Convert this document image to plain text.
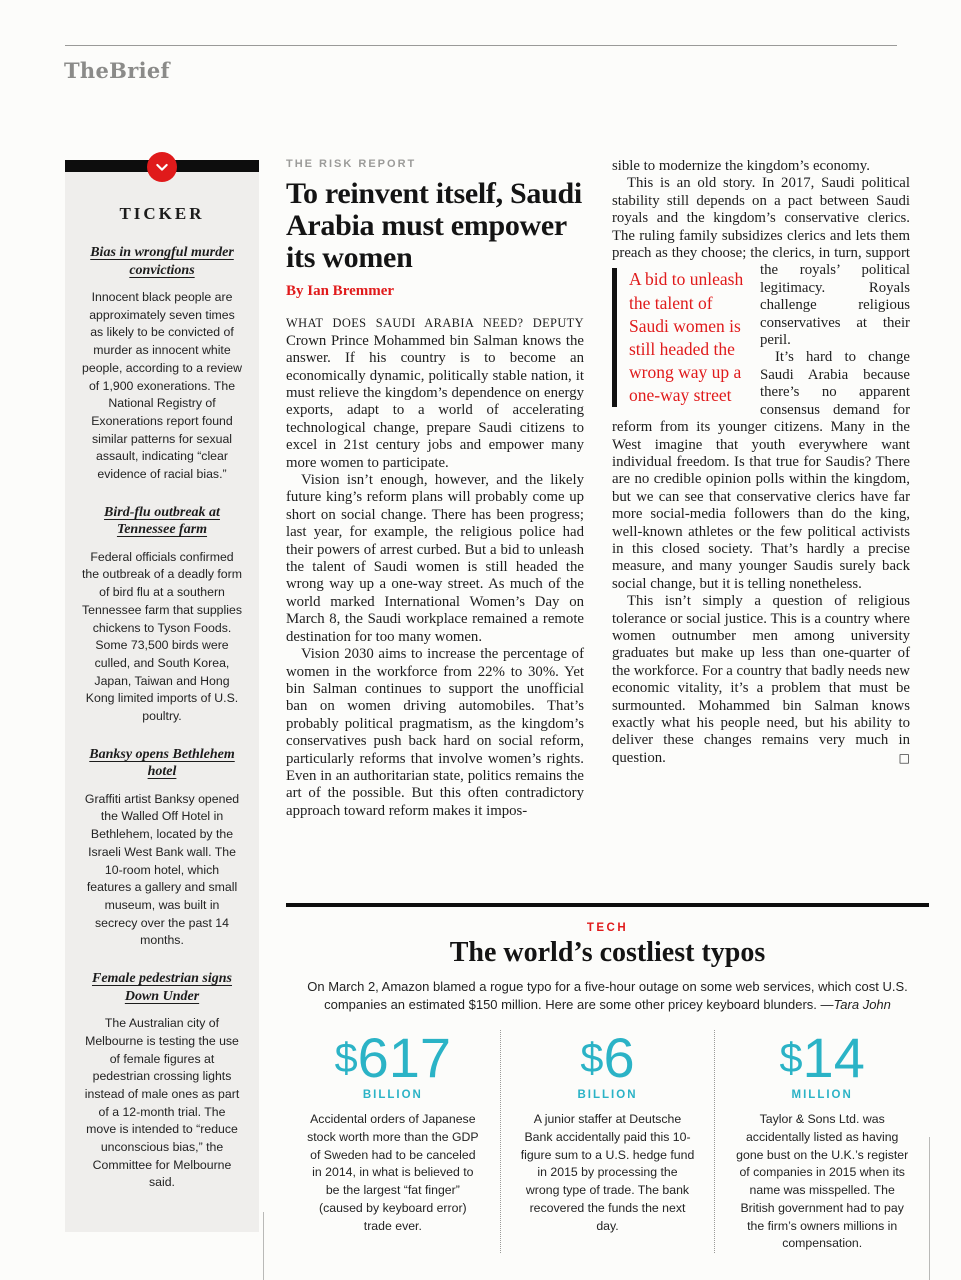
TheBrief
TICKER
Bias in wrongful murder convictions

Innocent black people are approximately seven times as likely to be convicted of murder as innocent white people, according to a review of 1,900 exonerations. The National Registry of Exonerations report found similar patterns for sexual assault, indicating “clear evidence of racial bias.”

Bird-flu outbreak at Tennessee farm

Federal officials confirmed the outbreak of a deadly form of bird flu at a southern Tennessee farm that supplies chickens to Tyson Foods. Some 73,500 birds were culled, and South Korea, Japan, Taiwan and Hong Kong limited imports of U.S. poultry.

Banksy opens Bethlehem hotel

Graffiti artist Banksy opened the Walled Off Hotel in Bethlehem, located by the Israeli West Bank wall. The 10-room hotel, which features a gallery and small museum, was built in secrecy over the past 14 months.

Female pedestrian signs Down Under

The Australian city of Melbourne is testing the use of female figures at pedestrian crossing lights instead of male ones as part of a 12-month trial. The move is intended to “reduce unconscious bias,” the Committee for Melbourne said.

THE RISK REPORT
To reinvent itself, Saudi Arabia must empower its women
By Ian Bremmer

WHAT DOES SAUDI ARABIA NEED? DEPUTY Crown Prince Mohammed bin Salman knows the answer. If his country is to become an economically dynamic, politically stable nation, it must relieve the kingdom’s dependence on energy exports, adapt to a world of accelerating technological change, prepare Saudi citizens to excel in 21st century jobs and empower many more women to participate.

Vision isn’t enough, however, and the likely future king’s reform plans will probably come up short on social change. There has been progress; last year, for example, the religious police had their powers of arrest curbed. But a bid to unleash the talent of Saudi women is still headed the wrong way up a one-way street. As much of the world marked International Women’s Day on March 8, the Saudi workplace remained a remote destination for too many women.

Vision 2030 aims to increase the percentage of women in the workforce from 22% to 30%. Yet bin Salman continues to support the unofficial ban on women driving automobiles. That’s probably political pragmatism, as the kingdom’s conservatives push back hard on social reform, particularly reforms that involve women’s rights. Even in an authoritarian state, politics remains the art of the possible. But this often contradictory approach toward reform makes it impos-

sible to modernize the kingdom’s economy.

This is an old story. In 2017, Saudi political stability still depends on a pact between Saudi royals and the kingdom’s conservative clerics. The ruling family subsidizes clerics and lets them preach as they choose; the clerics, in turn, support the royals’ political
A bid to unleash the talent of Saudi women is still headed the wrong way up a one-way street
legitimacy. Royals challenge religious conservatives at their peril.

It’s hard to change Saudi Arabia because there’s no apparent consensus demand for reform from its younger citizens. Many in the West imagine that youth everywhere want individual freedom. Is that true for Saudis? There are no credible opinion polls within the kingdom, but we can see that conservative clerics have far more social-media followers than do the king, well-known athletes or the few political activists in this closed society. That’s hardly a precise measure, and many younger Saudis surely back social change, but it is telling nonetheless.

This isn’t simply a question of religious tolerance or social justice. This is a country where women outnumber men among university graduates but make up less than one-quarter of the workforce. For a country that badly needs new economic vitality, it’s a problem that must be surmounted. Mohammed bin Salman knows exactly what his people need, but his ability to deliver these changes remains very much in question.	□

TECH
The world’s costliest typos

On March 2, Amazon blamed a rogue typo for a five-hour outage on some web services, which cost U.S. companies an estimated $150 million. Here are some other pricey keyboard blunders. —Tara John

$617
BILLION

Accidental orders of Japanese stock worth more than the GDP of Sweden had to be canceled in 2014, in what is believed to be the largest “fat finger” (caused by keyboard error) trade ever.

$6
BILLION

A junior staffer at Deutsche Bank accidentally paid this 10-figure sum to a U.S. hedge fund in 2015 by processing the wrong type of trade. The bank recovered the funds the next day.

$14
MILLION

Taylor & Sons Ltd. was accidentally listed as having gone bust on the U.K.’s register of companies in 2015 when its name was misspelled. The British government had to pay the firm’s owners millions in compensation.
